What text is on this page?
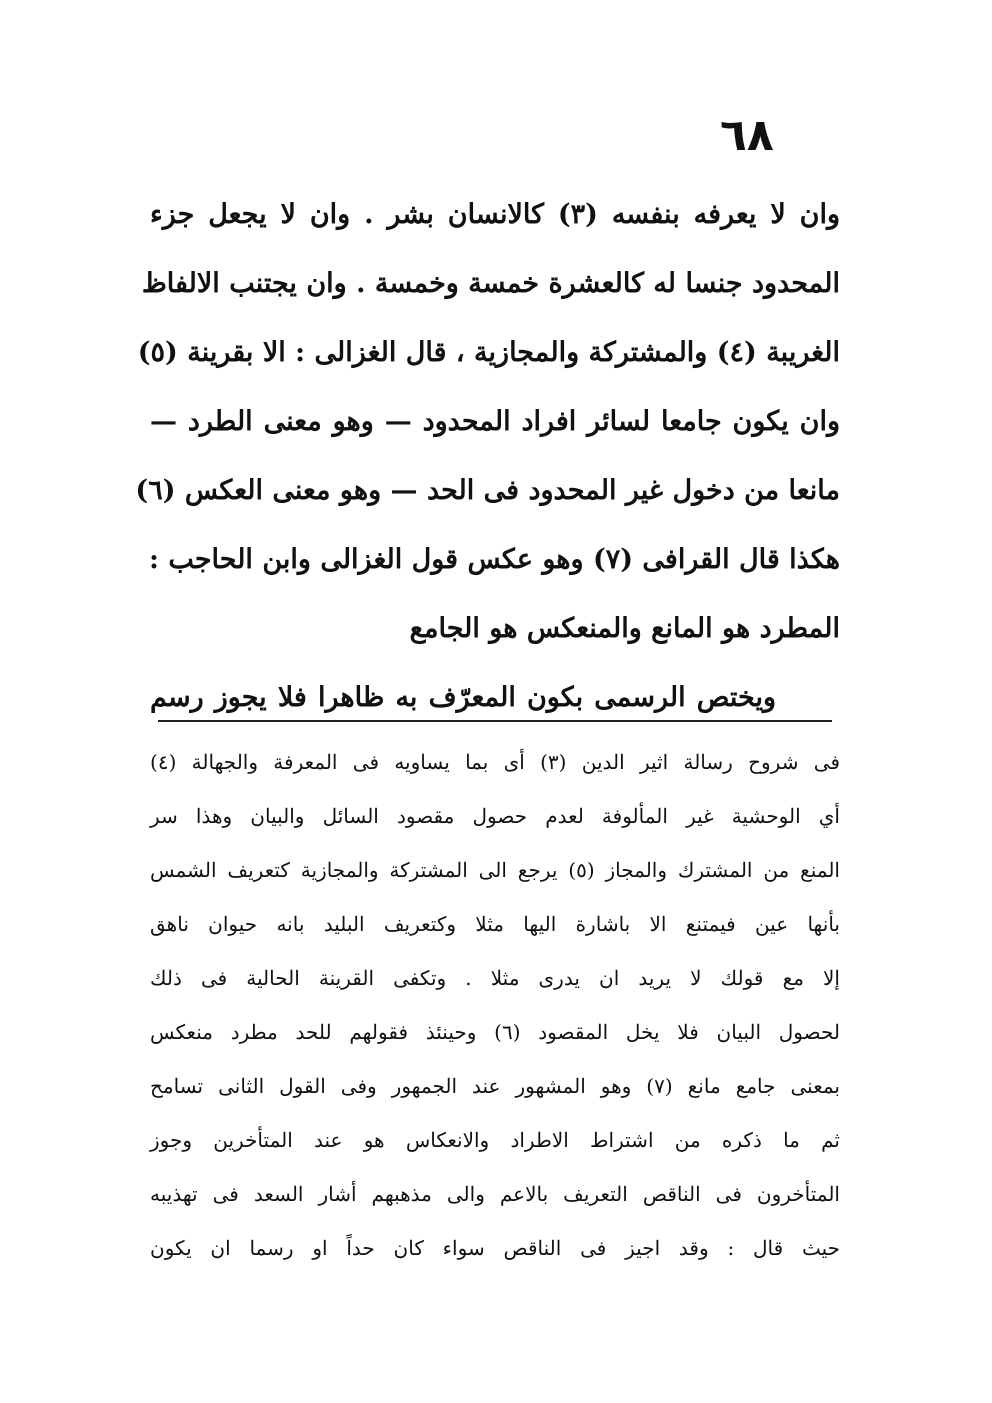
٦٨
وان لا يعرفه بنفسه (٣) كالانسان بشر . وان لا يجعل جزء
المحدود جنسا له كالعشرة خمسة وخمسة . وان يجتنب الالفاظ
الغريبة (٤) والمشتركة والمجازية ، قال الغزالى : الا بقرينة (٥)
وان يكون جامعا لسائر افراد المحدود — وهو معنى الطرد —
مانعا من دخول غير المحدود فى الحد — وهو معنى العكس (٦)
هكذا قال القرافى (٧) وهو عكس قول الغزالى وابن الحاجب :
المطرد هو المانع والمنعكس هو الجامع
ويختص الرسمى بكون المعرّف به ظاهرا فلا يجوز رسم
فى شروح رسالة اثير الدين (٣) أى بما يساويه فى المعرفة والجهالة (٤)
أي الوحشية غير المألوفة لعدم حصول مقصود السائل والبيان وهذا سر
المنع من المشترك والمجاز (٥) يرجع الى المشتركة والمجازية كتعريف الشمس
بأنها عين فيمتنع الا باشارة اليها مثلا وكتعريف البليد بانه حيوان ناهق
إلا مع قولك لا يريد ان يدرى مثلا . وتكفى القرينة الحالية فى ذلك
لحصول البيان فلا يخل المقصود (٦) وحينئذ فقولهم للحد مطرد منعكس
بمعنى جامع مانع (٧) وهو المشهور عند الجمهور وفى القول الثانى تسامح
ثم ما ذكره من اشتراط الاطراد والانعكاس هو عند المتأخرين وجوز
المتأخرون فى الناقص التعريف بالاعم والى مذهبهم أشار السعد فى تهذيبه
حيث قال : وقد اجيز فى الناقص سواء كان حداً او رسما ان يكون
